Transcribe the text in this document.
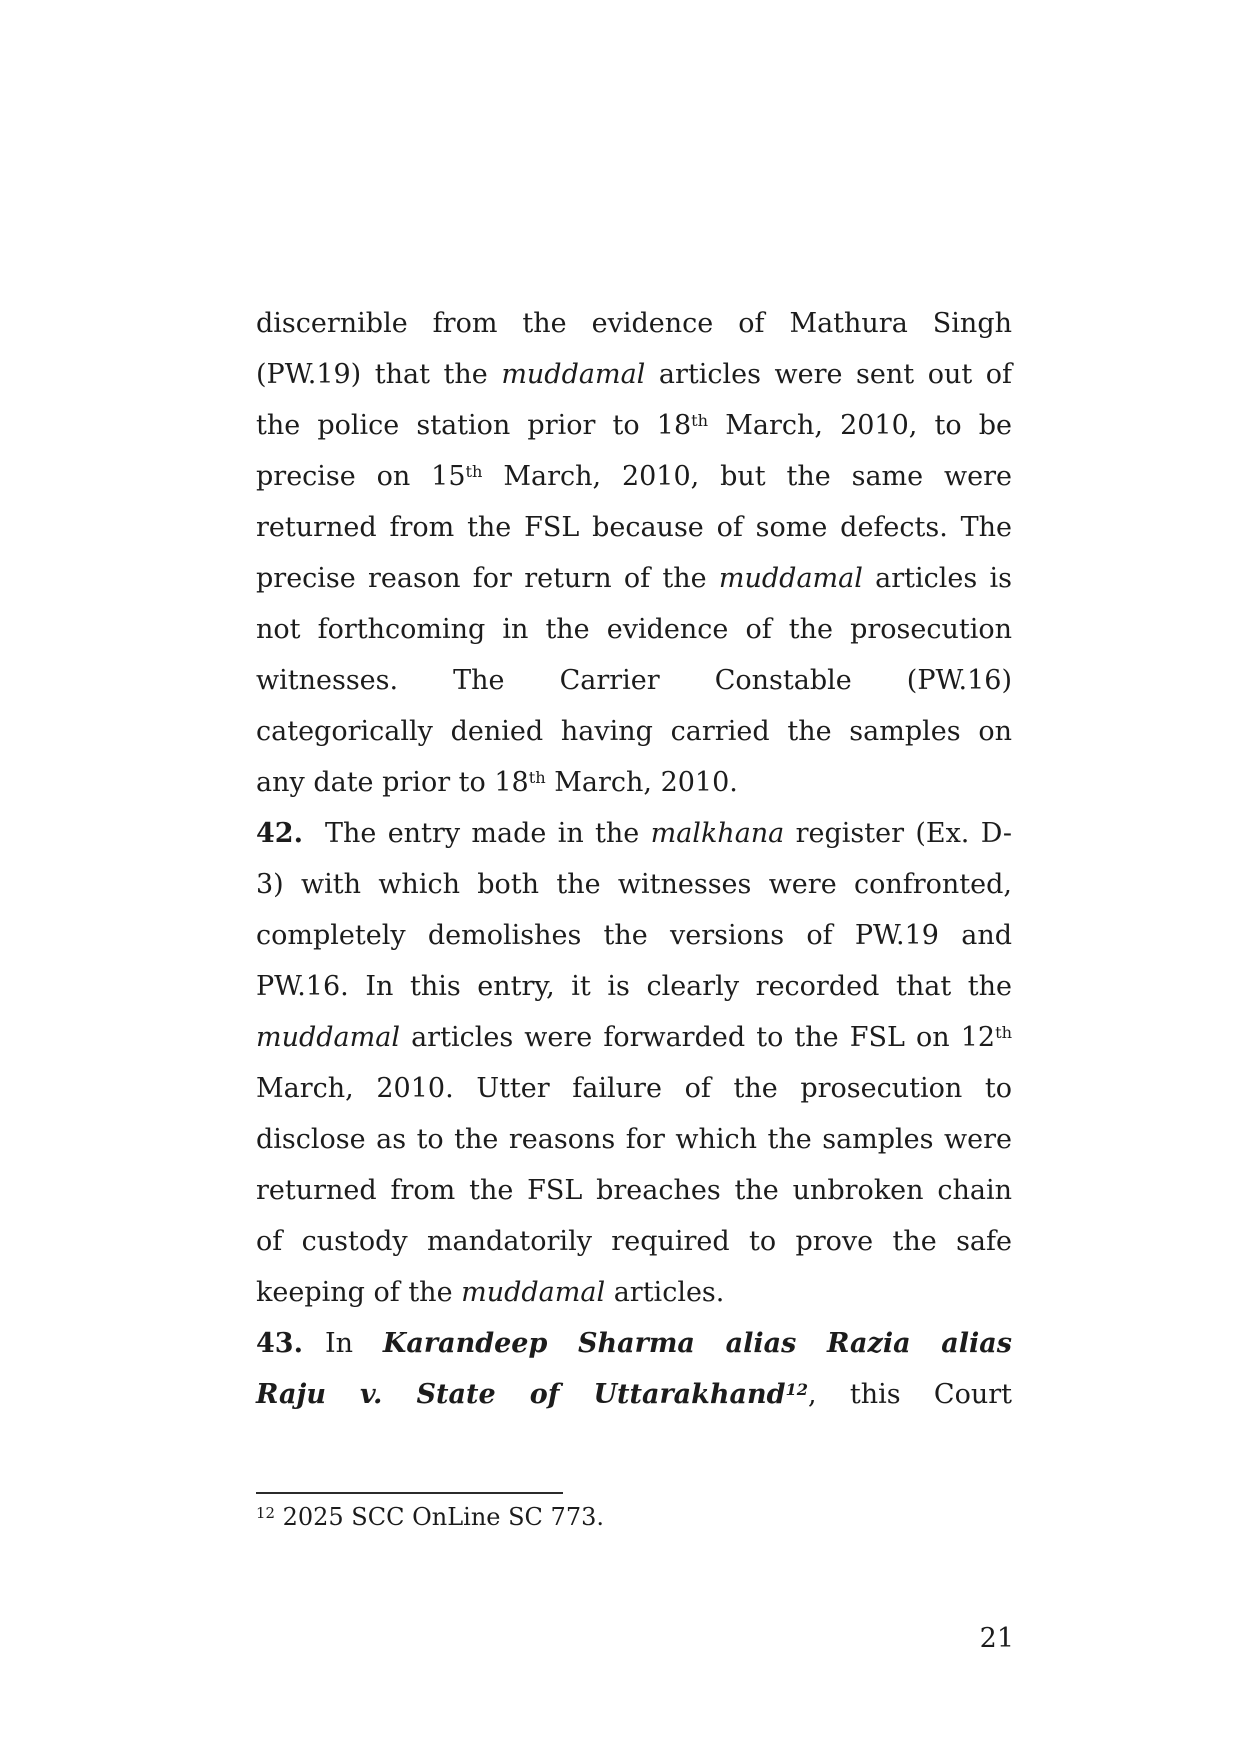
discernible from the evidence of Mathura Singh
(PW.19) that the muddamal articles were sent out of
the police station prior to 18th March, 2010, to be
precise on 15th March, 2010, but the same were
returned from the FSL because of some defects. The
precise reason for return of the muddamal articles is
not forthcoming in the evidence of the prosecution
witnesses. The Carrier Constable (PW.16)
categorically denied having carried the samples on
any date prior to 18th March, 2010.
42. The entry made in the malkhana register (Ex. D-
3) with which both the witnesses were confronted,
completely demolishes the versions of PW.19 and
PW.16. In this entry, it is clearly recorded that the
muddamal articles were forwarded to the FSL on 12th
March, 2010. Utter failure of the prosecution to
disclose as to the reasons for which the samples were
returned from the FSL breaches the unbroken chain
of custody mandatorily required to prove the safe
keeping of the muddamal articles.
43. In Karandeep Sharma alias Razia alias
Raju v. State of Uttarakhand$^{12}$, this Court
$^{12}$ 2025 SCC OnLine SC 773.
21
